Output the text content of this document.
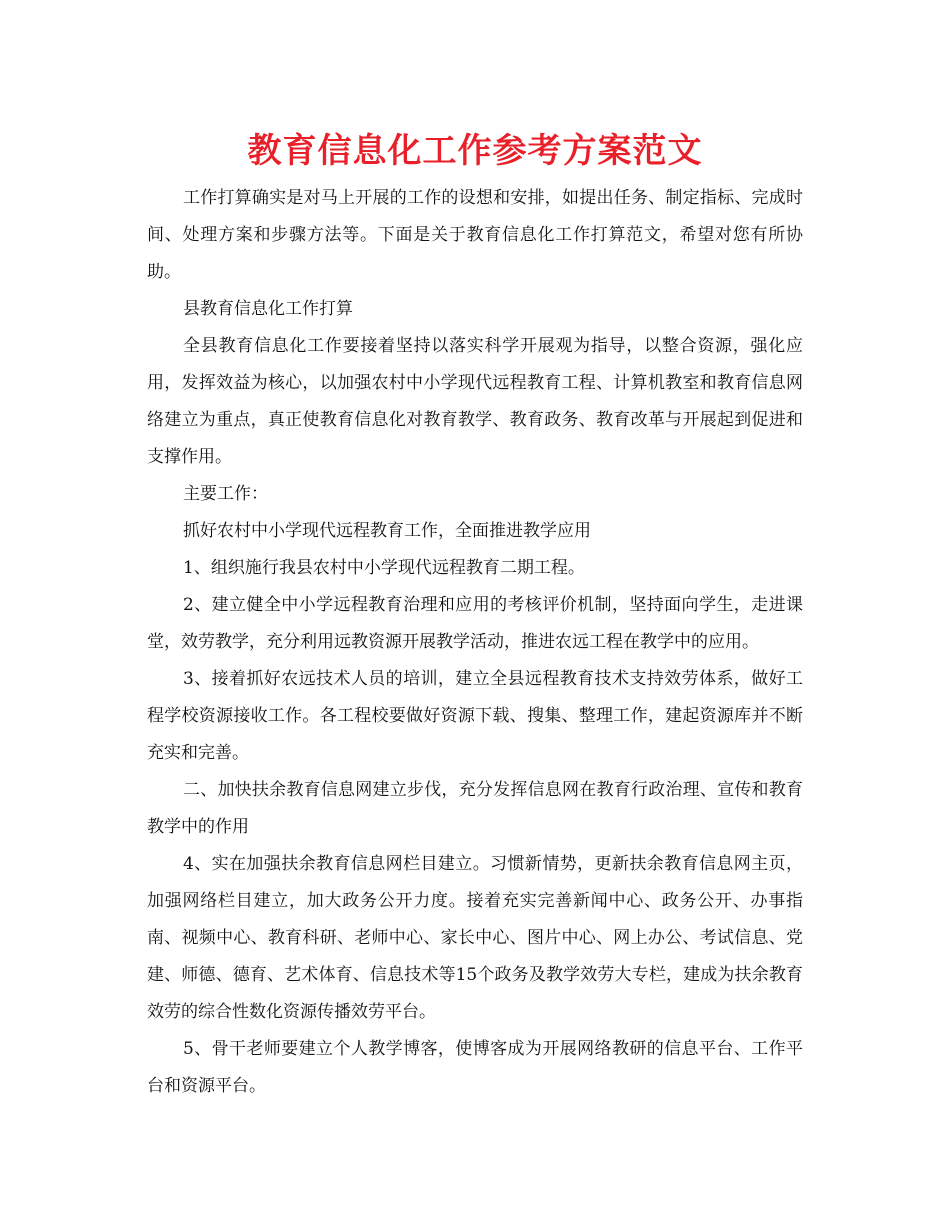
教育信息化工作参考方案范文

工作打算确实是对马上开展的工作的设想和安排，如提出任务、制定指标、完成时间、处理方案和步骤方法等。下面是关于教育信息化工作打算范文，希望对您有所协助。

县教育信息化工作打算

全县教育信息化工作要接着坚持以落实科学开展观为指导，以整合资源，强化应用，发挥效益为核心，以加强农村中小学现代远程教育工程、计算机教室和教育信息网络建立为重点，真正使教育信息化对教育教学、教育政务、教育改革与开展起到促进和支撑作用。

主要工作：

抓好农村中小学现代远程教育工作，全面推进教学应用

1、组织施行我县农村中小学现代远程教育二期工程。

2、建立健全中小学远程教育治理和应用的考核评价机制，坚持面向学生，走进课堂，效劳教学，充分利用远教资源开展教学活动，推进农远工程在教学中的应用。

3、接着抓好农远技术人员的培训，建立全县远程教育技术支持效劳体系，做好工程学校资源接收工作。各工程校要做好资源下载、搜集、整理工作，建起资源库并不断充实和完善。

二、加快扶余教育信息网建立步伐，充分发挥信息网在教育行政治理、宣传和教育教学中的作用

4、实在加强扶余教育信息网栏目建立。习惯新情势，更新扶余教育信息网主页，加强网络栏目建立，加大政务公开力度。接着充实完善新闻中心、政务公开、办事指南、视频中心、教育科研、老师中心、家长中心、图片中心、网上办公、考试信息、党建、师德、德育、艺术体育、信息技术等15个政务及教学效劳大专栏，建成为扶余教育效劳的综合性数化资源传播效劳平台。

5、骨干老师要建立个人教学博客，使博客成为开展网络教研的信息平台、工作平台和资源平台。
